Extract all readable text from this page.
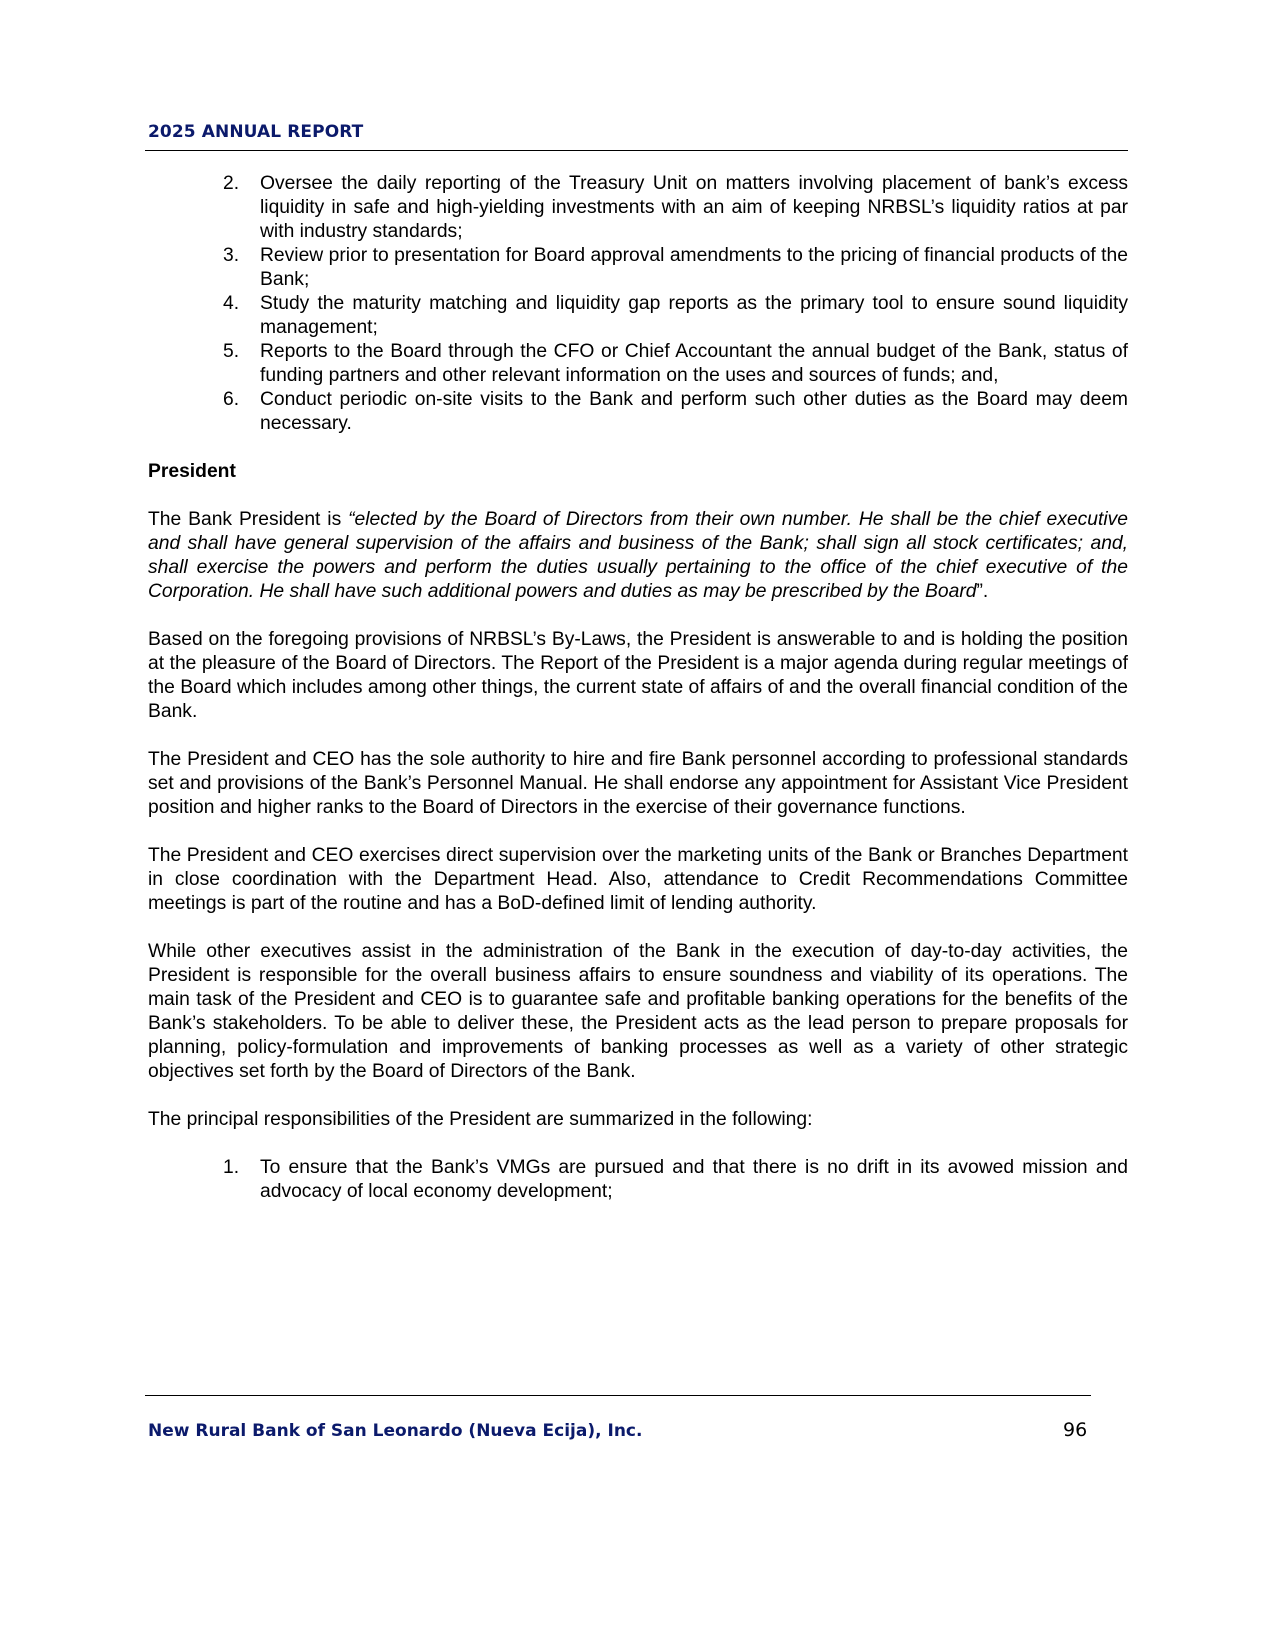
2025 ANNUAL REPORT
2.	Oversee the daily reporting of the Treasury Unit on matters involving placement of bank’s excess liquidity in safe and high-yielding investments with an aim of keeping NRBSL’s liquidity ratios at par with industry standards;
3.	Review prior to presentation for Board approval amendments to the pricing of financial products of the Bank;
4.	Study the maturity matching and liquidity gap reports as the primary tool to ensure sound liquidity management;
5.	Reports to the Board through the CFO or Chief Accountant the annual budget of the Bank, status of funding partners and other relevant information on the uses and sources of funds; and,
6.	Conduct periodic on-site visits to the Bank and perform such other duties as the Board may deem necessary.

President

The Bank President is “elected by the Board of Directors from their own number. He shall be the chief executive and shall have general supervision of the affairs and business of the Bank; shall sign all stock certificates; and, shall exercise the powers and perform the duties usually pertaining to the office of the chief executive of the Corporation. He shall have such additional powers and duties as may be prescribed by the Board”.

Based on the foregoing provisions of NRBSL’s By-Laws, the President is answerable to and is holding the position at the pleasure of the Board of Directors. The Report of the President is a major agenda during regular meetings of the Board which includes among other things, the current state of affairs of and the overall financial condition of the Bank.

The President and CEO has the sole authority to hire and fire Bank personnel according to professional standards set and provisions of the Bank’s Personnel Manual. He shall endorse any appointment for Assistant Vice President position and higher ranks to the Board of Directors in the exercise of their governance functions.

The President and CEO exercises direct supervision over the marketing units of the Bank or Branches Department in close coordination with the Department Head. Also, attendance to Credit Recommendations Committee meetings is part of the routine and has a BoD-defined limit of lending authority.

While other executives assist in the administration of the Bank in the execution of day-to-day activities, the President is responsible for the overall business affairs to ensure soundness and viability of its operations. The main task of the President and CEO is to guarantee safe and profitable banking operations for the benefits of the Bank’s stakeholders. To be able to deliver these, the President acts as the lead person to prepare proposals for planning, policy-formulation and improvements of banking processes as well as a variety of other strategic objectives set forth by the Board of Directors of the Bank.

The principal responsibilities of the President are summarized in the following:

1.	To ensure that the Bank’s VMGs are pursued and that there is no drift in its avowed mission and advocacy of local economy development;
New Rural Bank of San Leonardo (Nueva Ecija), Inc.	96
